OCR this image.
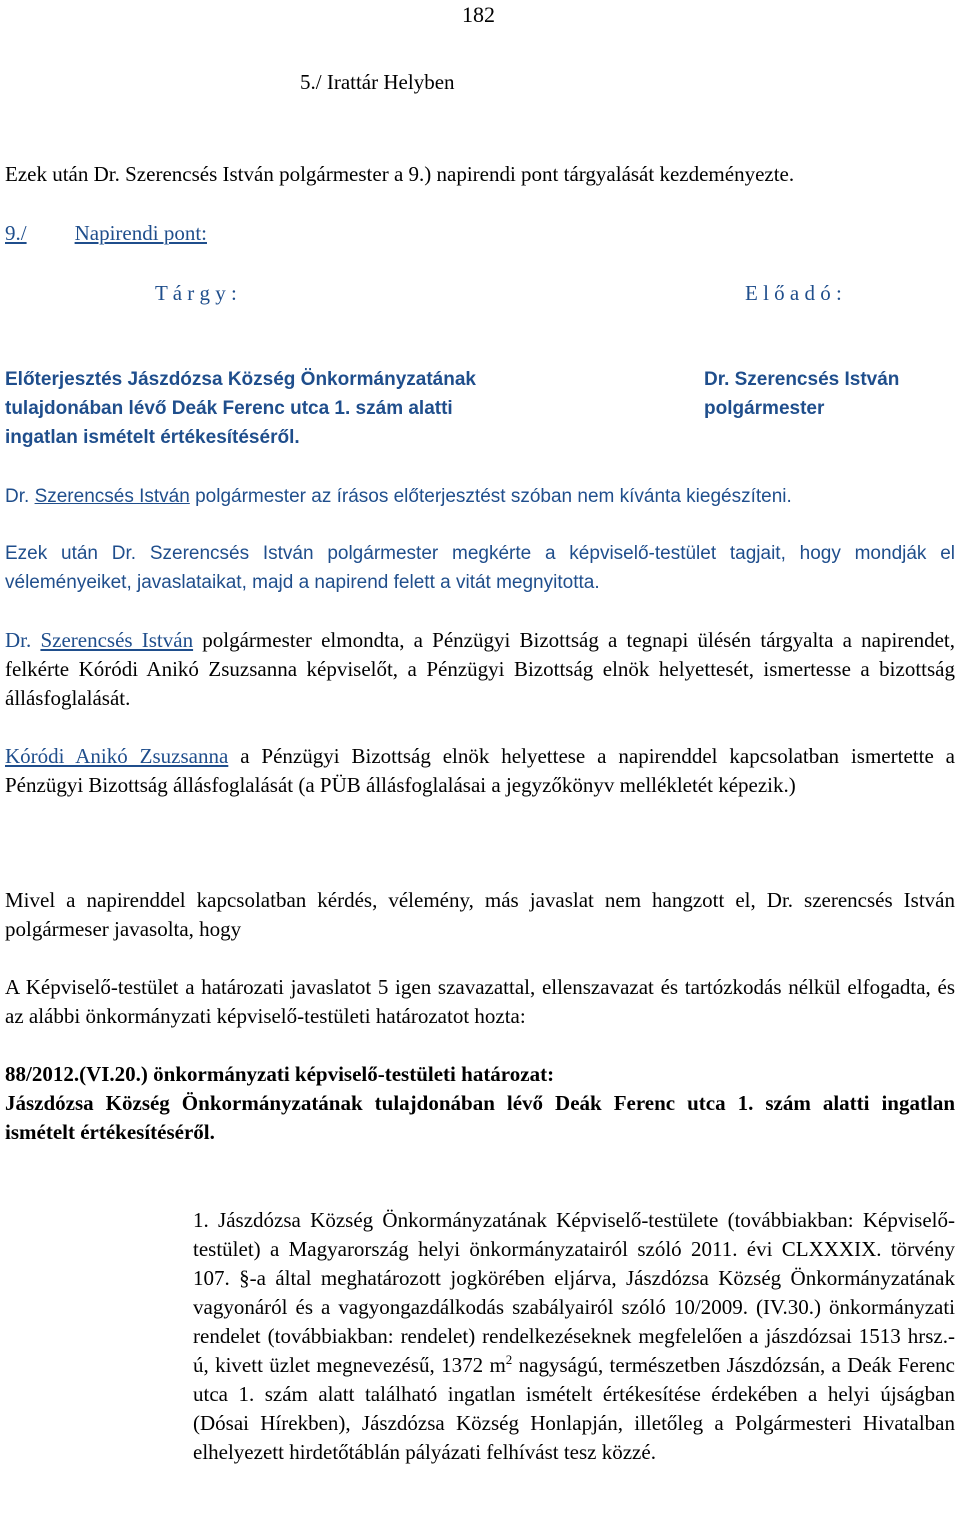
182
5./ Irattár Helyben
Ezek után Dr. Szerencsés István polgármester a 9.) napirendi pont tárgyalását kezdeményezte.
9./ Napirendi pont:
T á r g y :	E l ő a d ó :
Előterjesztés Jászdózsa Község Önkormányzatának
tulajdonában lévő Deák Ferenc utca 1. szám alatti
ingatlan ismételt értékesítéséről.
Dr. Szerencsés István
polgármester

Dr. Szerencsés István polgármester az írásos előterjesztést szóban nem kívánta kiegészíteni.

Ezek után Dr. Szerencsés István polgármester megkérte a képviselő-testület tagjait, hogy mondják el véleményeiket, javaslataikat, majd a napirend felett a vitát megnyitotta.

Dr. Szerencsés István polgármester elmondta, a Pénzügyi Bizottság a tegnapi ülésén tárgyalta a napirendet, felkérte Kóródi Anikó Zsuzsanna képviselőt, a Pénzügyi Bizottság elnök helyettesét, ismertesse a bizottság állásfoglalását.

Kóródi Anikó Zsuzsanna a Pénzügyi Bizottság elnök helyettese a napirenddel kapcsolatban ismertette a Pénzügyi Bizottság állásfoglalását (a PÜB állásfoglalásai a jegyzőkönyv mellékletét képezik.)

Mivel a napirenddel kapcsolatban kérdés, vélemény, más javaslat nem hangzott el, Dr. szerencsés István polgármeser javasolta, hogy

A Képviselő-testület a határozati javaslatot 5 igen szavazattal, ellenszavazat és tartózkodás nélkül elfogadta, és az alábbi önkormányzati képviselő-testületi határozatot hozta:

88/2012.(VI.20.) önkormányzati képviselő-testületi határozat:

Jászdózsa Község Önkormányzatának tulajdonában lévő Deák Ferenc utca 1. szám alatti ingatlan ismételt értékesítéséről.

1. Jászdózsa Község Önkormányzatának Képviselő-testülete (továbbiakban: Képviselő-testület) a Magyarország helyi önkormányzatairól szóló 2011. évi CLXXXIX. törvény 107. §-a által meghatározott jogkörében eljárva, Jászdózsa Község Önkormányzatának vagyonáról és a vagyongazdálkodás szabályairól szóló 10/2009. (IV.30.) önkormányzati rendelet (továbbiakban: rendelet) rendelkezéseknek megfelelően a jászdózsai 1513 hrsz.-ú, kivett üzlet megnevezésű, 1372 $m^2$ nagyságú, természetben Jászdózsán, a Deák Ferenc utca 1. szám alatt található ingatlan ismételt értékesítése érdekében a helyi újságban (Dósai Hírekben), Jászdózsa Község Honlapján, illetőleg a Polgármesteri Hivatalban elhelyezett hirdetőtáblán pályázati felhívást tesz közzé.
